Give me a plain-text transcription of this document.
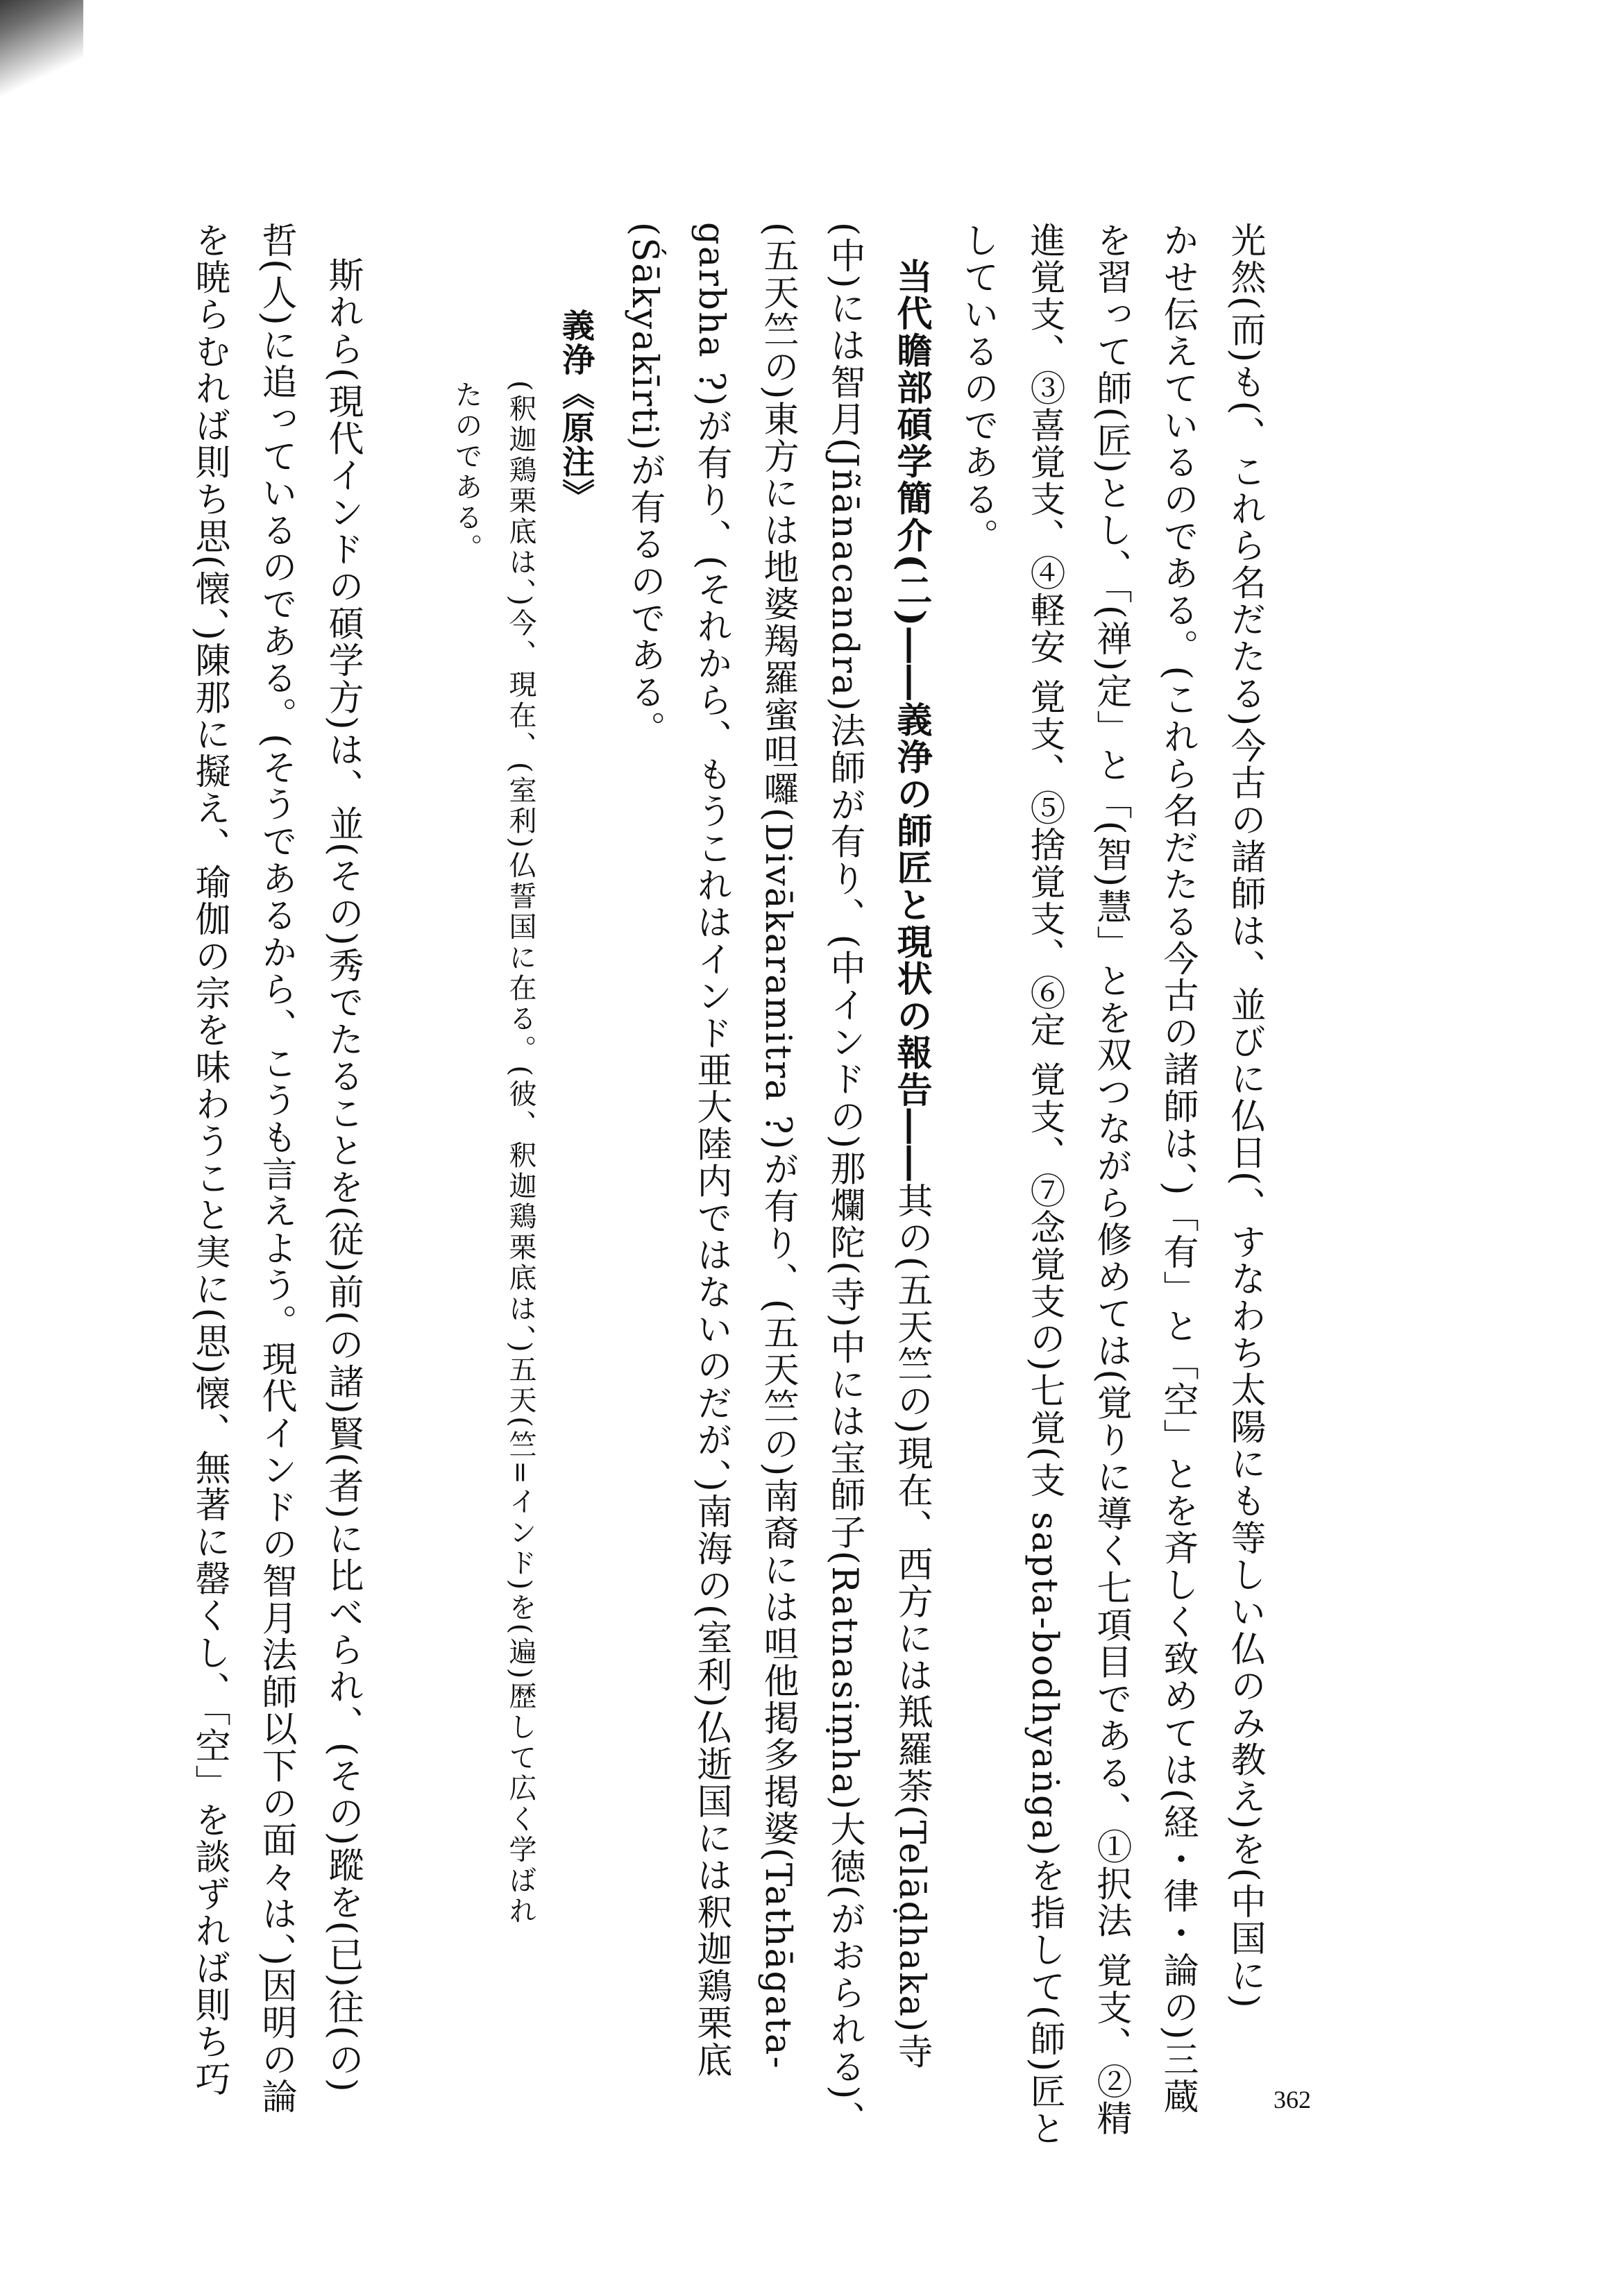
光然(而)も(、これら名だたる)今古の諸師は、並びに仏日(、すなわち太陽にも等しい仏のみ教え)を(中国に)
かせ伝えているのである。(これら名だたる今古の諸師は、)「有」と「空」とを斉しく致めては(経・律・論の)三蔵
を習って師(匠)とし、「(禅)定」と「(智)慧」とを双つながら修めては(覚りに導く七項目である、①択法 覚支、②精
進覚支、③喜覚支、④軽安 覚支、⑤捨覚支、⑥定 覚支、⑦念覚支の)七覚(支 sapta-bodhyaṅga)を指して(師)匠と
しているのである。
当代瞻部碩学簡介(二)――義浄の師匠と現状の報告――其の(五天竺の)現在、西方には羝羅荼(Telāḍhaka)寺
(中)には智月(Jñānacandra)法師が有り、(中インドの)那爛陀(寺)中には宝師子(Ratnasiṃha)大徳(がおられる)、
(五天竺の)東方には地婆羯羅蜜呾囉(Divākaramitra ?)が有り、(五天竺の)南裔には呾他掲多掲婆(Tathāgata-
garbha ?)が有り、(それから、もうこれはインド亜大陸内ではないのだが、)南海の(室利)仏逝国には釈迦鶏栗底
(Śākyakīrti)が有るのである。
義浄《原注》
(釈迦鶏栗底は、)今、現在、(室利)仏誓国に在る。(彼、釈迦鶏栗底は、)五天(竺=インド)を(遍)歴して広く学ばれ
たのである。
斯れら(現代インドの碩学方)は、並(その)秀でたることを(従)前(の諸)賢(者)に比べられ、(その)蹤を(已)往(の)
哲(人)に追っているのである。(そうであるから、こうも言えよう。現代インドの智月法師以下の面々は、)因明の論
を暁らむれば則ち思(懐、)陳那に擬え、瑜伽の宗を味わうこと実に(思)懐、無著に罄くし、「空」を談ずれば則ち巧
362
